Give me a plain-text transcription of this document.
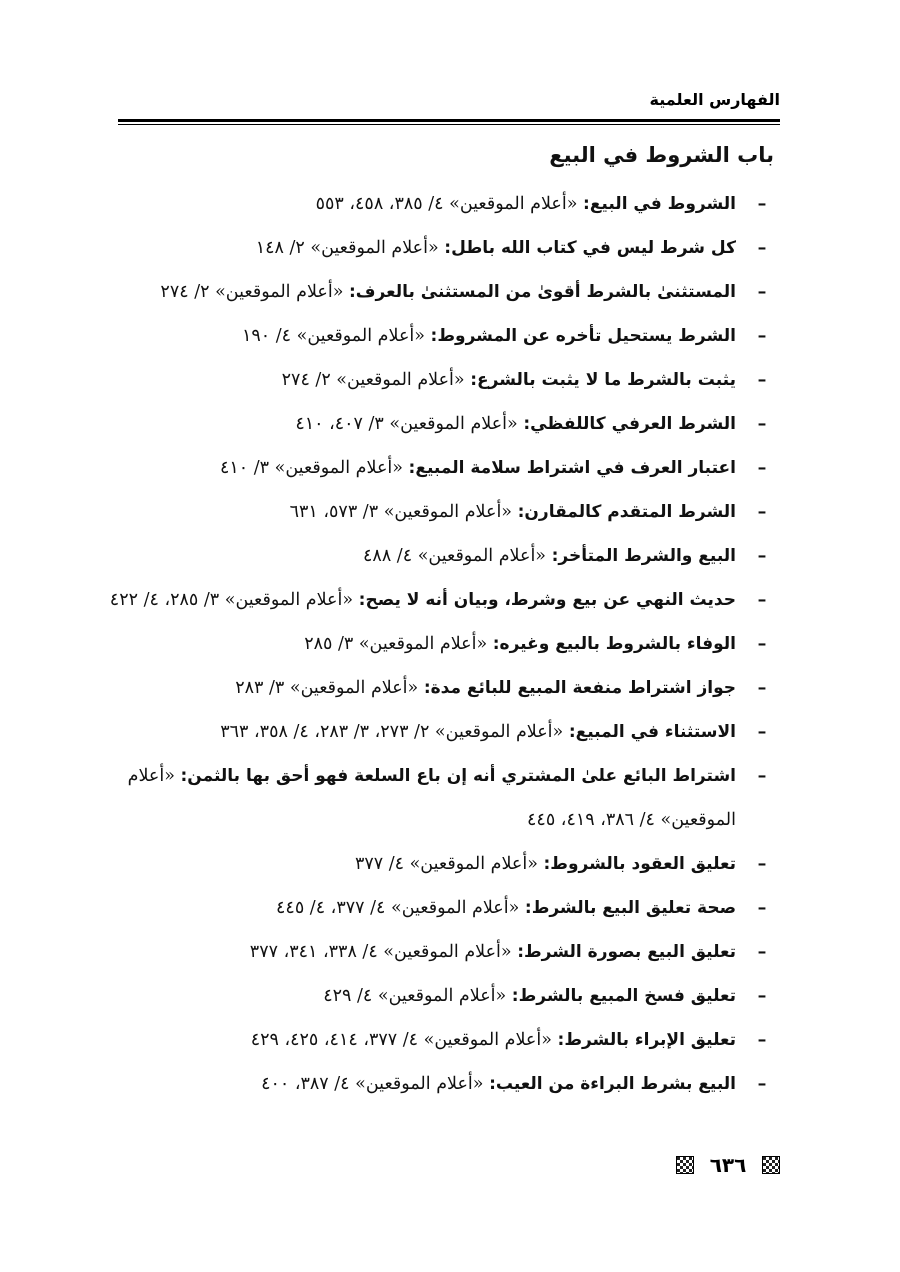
الفهارس العلمية
باب الشروط في البيع
–
الشروط في البيع: «أعلام الموقعين» ٤/ ٣٨٥، ٤٥٨، ٥٥٣
–
كل شرط ليس في كتاب الله باطل: «أعلام الموقعين» ٢/ ١٤٨
–
المستثنىٰ بالشرط أقوىٰ من المستثنىٰ بالعرف: «أعلام الموقعين» ٢/ ٢٧٤
–
الشرط يستحيل تأخره عن المشروط: «أعلام الموقعين» ٤/ ١٩٠
–
يثبت بالشرط ما لا يثبت بالشرع: «أعلام الموقعين» ٢/ ٢٧٤
–
الشرط العرفي كاللفظي: «أعلام الموقعين» ٣/ ٤٠٧، ٤١٠
–
اعتبار العرف في اشتراط سلامة المبيع: «أعلام الموقعين» ٣/ ٤١٠
–
الشرط المتقدم كالمقارن: «أعلام الموقعين» ٣/ ٥٧٣، ٦٣١
–
البيع والشرط المتأخر: «أعلام الموقعين» ٤/ ٤٨٨
–
حديث النهي عن بيع وشرط، وبيان أنه لا يصح: «أعلام الموقعين» ٣/ ٢٨٥، ٤/ ٤٢٢
–
الوفاء بالشروط بالبيع وغيره: «أعلام الموقعين» ٣/ ٢٨٥
–
جواز اشتراط منفعة المبيع للبائع مدة: «أعلام الموقعين» ٣/ ٢٨٣
–
الاستثناء في المبيع: «أعلام الموقعين» ٢/ ٢٧٣، ٣/ ٢٨٣، ٤/ ٣٥٨، ٣٦٣
–
اشتراط البائع علىٰ المشتري أنه إن باع السلعة فهو أحق بها بالثمن: «أعلام الموقعين» ٤/ ٣٨٦، ٤١٩، ٤٤٥
–
تعليق العقود بالشروط: «أعلام الموقعين» ٤/ ٣٧٧
–
صحة تعليق البيع بالشرط: «أعلام الموقعين» ٤/ ٣٧٧، ٤/ ٤٤٥
–
تعليق البيع بصورة الشرط: «أعلام الموقعين» ٤/ ٣٣٨، ٣٤١، ٣٧٧
–
تعليق فسخ المبيع بالشرط: «أعلام الموقعين» ٤/ ٤٢٩
–
تعليق الإبراء بالشرط: «أعلام الموقعين» ٤/ ٣٧٧، ٤١٤، ٤٢٥، ٤٢٩
–
البيع بشرط البراءة من العيب: «أعلام الموقعين» ٤/ ٣٨٧، ٤٠٠
٦٣٦
